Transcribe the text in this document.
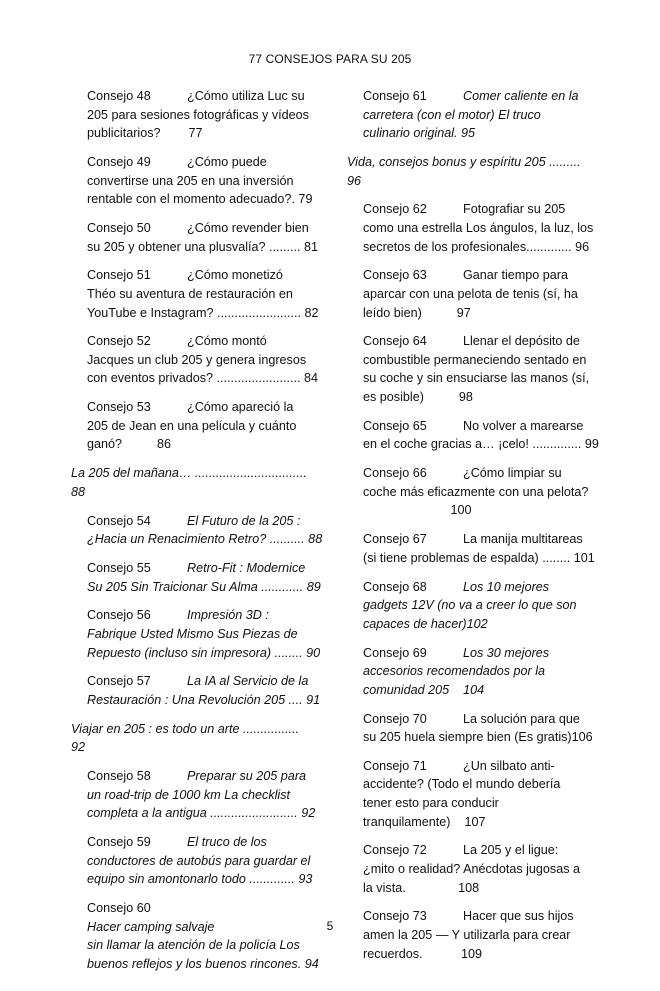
77 CONSEJOS PARA SU 205
Consejo 48	¿Cómo utiliza Luc su
205 para sesiones fotográficas y vídeos
publicitarios?        77
Consejo 49	¿Cómo puede
convertirse una 205 en una inversión
rentable con el momento adecuado?. 79
Consejo 50	¿Cómo revender bien
su 205 y obtener una plusvalía? ......... 81
Consejo 51	¿Cómo monetizó
Théo su aventura de restauración en
YouTube e Instagram? ........................ 82
Consejo 52	¿Cómo montó
Jacques un club 205 y genera ingresos
con eventos privados? ........................ 84
Consejo 53	¿Cómo apareció la
205 de Jean en una película y cuánto
ganó?          86
La 205 del mañana… ................................ 88
Consejo 54	El Futuro de la 205 :
¿Hacia un Renacimiento Retro? .......... 88
Consejo 55	Retro-Fit : Modernice
Su 205 Sin Traicionar Su Alma ............ 89
Consejo 56	Impresión 3D :
Fabrique Usted Mismo Sus Piezas de
Repuesto (incluso sin impresora) ........ 90
Consejo 57	La IA al Servicio de la
Restauración : Una Revolución 205 .... 91
Viajar en 205 : es todo un arte ................ 92
Consejo 58	Preparar su 205 para
un road-trip de 1000 km La checklist
completa a la antigua ......................... 92
Consejo 59	El truco de los
conductores de autobús para guardar el
equipo sin amontonarlo todo ............. 93
Consejo 60Hacer camping salvaje
sin llamar la atención de la policía Los
buenos reflejos y los buenos rincones. 94
Consejo 61	Comer caliente en la
carretera (con el motor) El truco
culinario original. 95
Vida, consejos bonus y espíritu 205 ......... 96
Consejo 62	Fotografiar su 205
como una estrella Los ángulos, la luz, los
secretos de los profesionales............. 96
Consejo 63	Ganar tiempo para
aparcar con una pelota de tenis (sí, ha
leído bien)          97
Consejo 64	Llenar el depósito de
combustible permaneciendo sentado en
su coche y sin ensuciarse las manos (sí,
es posible)          98
Consejo 65	No volver a marearse
en el coche gracias a… ¡celo! .............. 99
Consejo 66	¿Cómo limpiar su
coche más eficazmente con una pelota?
100
Consejo 67	La manija multitareas
(si tiene problemas de espalda) ........ 101
Consejo 68	Los 10 mejores
gadgets 12V (no va a creer lo que son
capaces de hacer)102
Consejo 69	Los 30 mejores
accesorios recomendados por la
comunidad 205    104
Consejo 70	La solución para que
su 205 huela siempre bien (Es gratis)106
Consejo 71	¿Un silbato anti-
accidente? (Todo el mundo debería
tener esto para conducir
tranquilamente)    107
Consejo 72	La 205 y el ligue:
¿mito o realidad? Anécdotas jugosas a
la vista.               108
Consejo 73	Hacer que sus hijos
amen la 205 — Y utilizarla para crear
recuerdos.           109
5
